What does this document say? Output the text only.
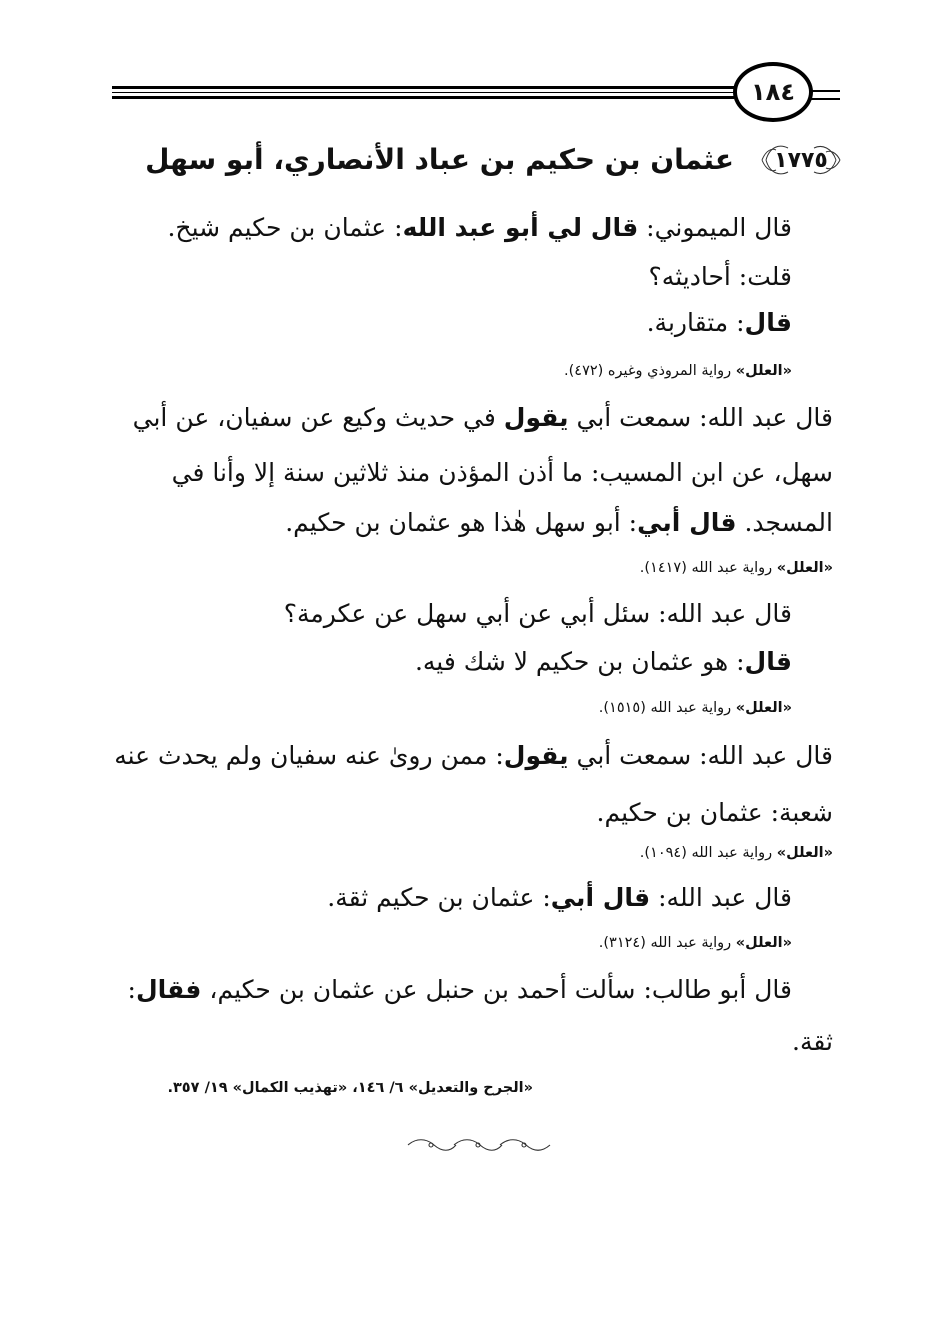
١٨٤
١٧٧٥
عثمان بن حكيم بن عباد الأنصاري، أبو سهل
قال الميموني: قال لي أبو عبد الله: عثمان بن حكيم شيخ.
قلت: أحاديثه؟
قال: متقاربة.
«العلل» رواية المروذي وغيره (٤٧٢).
قال عبد الله: سمعت أبي يقول في حديث وكيع عن سفيان، عن أبي
سهل، عن ابن المسيب: ما أذن المؤذن منذ ثلاثين سنة إلا وأنا في
المسجد. قال أبي: أبو سهل هٰذا هو عثمان بن حكيم.
«العلل» رواية عبد الله (١٤١٧).
قال عبد الله: سئل أبي عن أبي سهل عن عكرمة؟
قال: هو عثمان بن حكيم لا شك فيه.
«العلل» رواية عبد الله (١٥١٥).
قال عبد الله: سمعت أبي يقول: ممن روىٰ عنه سفيان ولم يحدث عنه
شعبة: عثمان بن حكيم.
«العلل» رواية عبد الله (١٠٩٤).
قال عبد الله: قال أبي: عثمان بن حكيم ثقة.
«العلل» رواية عبد الله (٣١٢٤).
قال أبو طالب: سألت أحمد بن حنبل عن عثمان بن حكيم، فقال:
ثقة.
«الجرح والتعديل» ٦/ ١٤٦، «تهذيب الكمال» ١٩/ ٣٥٧.
